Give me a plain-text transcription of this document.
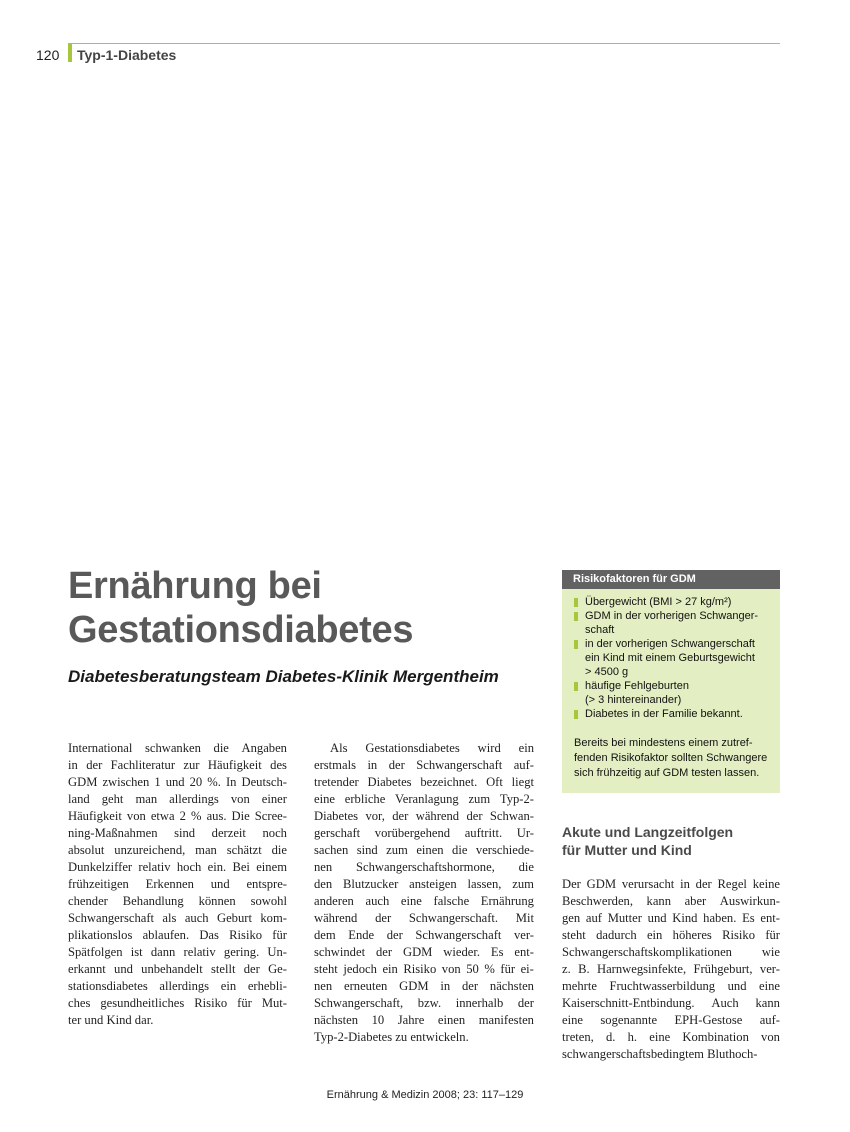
120 Typ-1-Diabetes
Ernährung bei
Gestationsdiabetes
Diabetesberatungsteam Diabetes-Klinik Mergentheim
International schwanken die Angaben
in der Fachliteratur zur Häufigkeit des
GDM zwischen 1 und 20 %. In Deutsch-
land geht man allerdings von einer
Häufigkeit von etwa 2 % aus. Die Scree-
ning-Maßnahmen sind derzeit noch
absolut unzureichend, man schätzt die
Dunkelziffer relativ hoch ein. Bei einem
frühzeitigen Erkennen und entspre-
chender Behandlung können sowohl
Schwangerschaft als auch Geburt kom-
plikationslos ablaufen. Das Risiko für
Spätfolgen ist dann relativ gering. Un-
erkannt und unbehandelt stellt der Ge-
stationsdiabetes allerdings ein erhebli-
ches gesundheitliches Risiko für Mut-
ter und Kind dar.
Als Gestationsdiabetes wird ein
erstmals in der Schwangerschaft auf-
tretender Diabetes bezeichnet. Oft liegt
eine erbliche Veranlagung zum Typ-2-
Diabetes vor, der während der Schwan-
gerschaft vorübergehend auftritt. Ur-
sachen sind zum einen die verschiede-
nen Schwangerschaftshormone, die
den Blutzucker ansteigen lassen, zum
anderen auch eine falsche Ernährung
während der Schwangerschaft. Mit
dem Ende der Schwangerschaft ver-
schwindet der GDM wieder. Es ent-
steht jedoch ein Risiko von 50 % für ei-
nen erneuten GDM in der nächsten
Schwangerschaft, bzw. innerhalb der
nächsten 10 Jahre einen manifesten
Typ-2-Diabetes zu entwickeln.
Risikofaktoren für GDM
Übergewicht (BMI > 27 kg/m²)
GDM in der vorherigen Schwanger-
schaft
in der vorherigen Schwangerschaft
ein Kind mit einem Geburtsgewicht
> 4500 g
häufige Fehlgeburten
(> 3 hintereinander)
Diabetes in der Familie bekannt.
Bereits bei mindestens einem zutref-
fenden Risikofaktor sollten Schwangere
sich frühzeitig auf GDM testen lassen.
Akute und Langzeitfolgen
für Mutter und Kind
Der GDM verursacht in der Regel keine
Beschwerden, kann aber Auswirkun-
gen auf Mutter und Kind haben. Es ent-
steht dadurch ein höheres Risiko für
Schwangerschaftskomplikationen wie
z. B. Harnwegsinfekte, Frühgeburt, ver-
mehrte Fruchtwasserbildung und eine
Kaiserschnitt-Entbindung. Auch kann
eine sogenannte EPH-Gestose auf-
treten, d. h. eine Kombination von
schwangerschaftsbedingtem Bluthoch-
Ernährung & Medizin 2008; 23: 117–129
